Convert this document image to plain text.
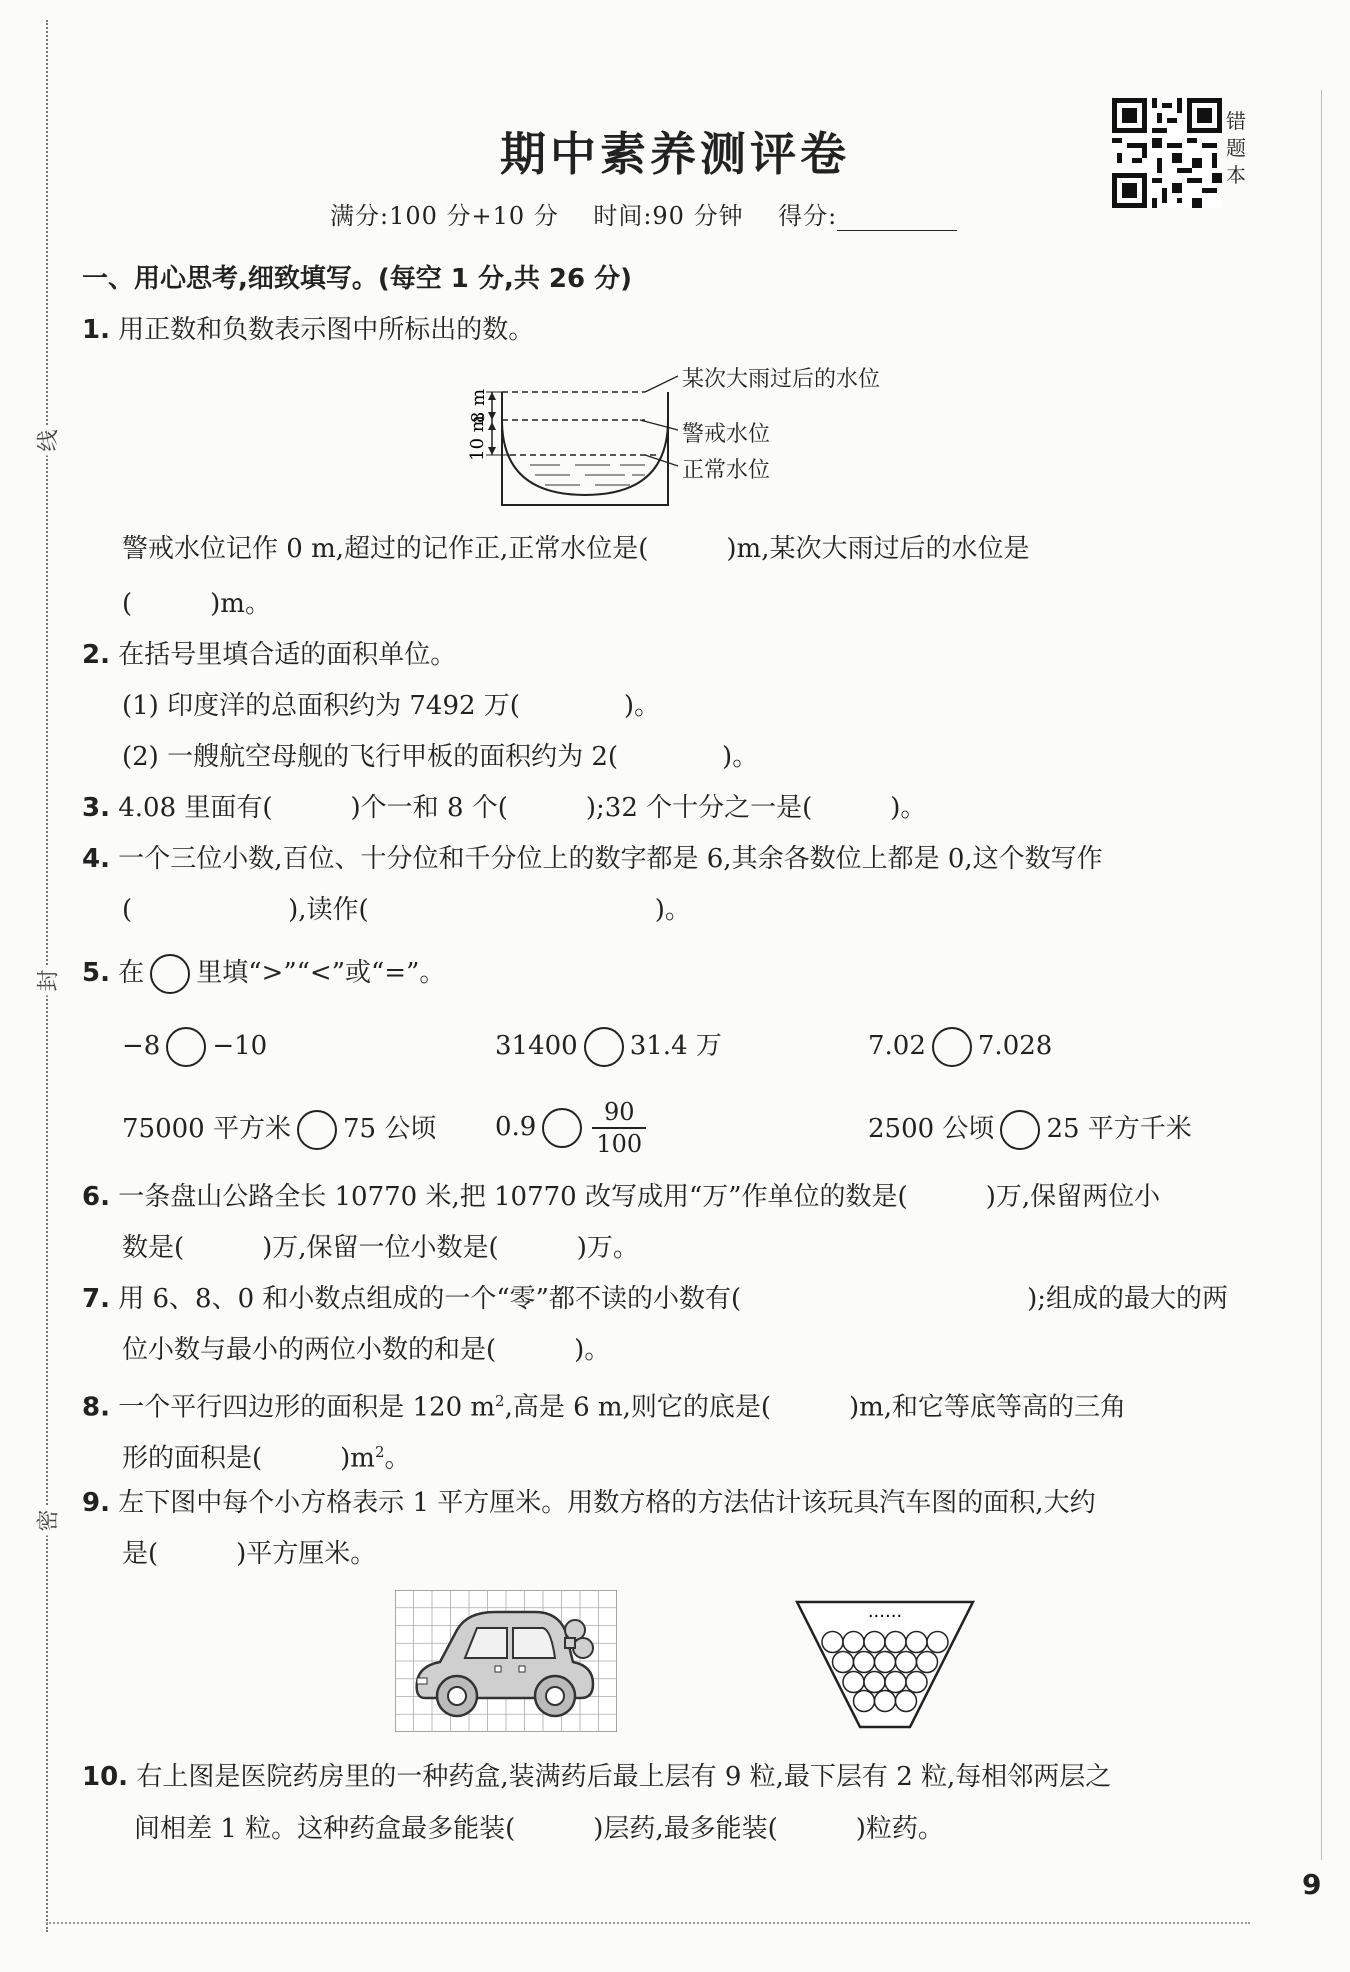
线
封
密
期中素养测评卷
满分:100 分+10 分 时间:90 分钟 得分:
错
题
本
一、用心思考,细致填写。(每空 1 分,共 26 分)
1. 用正数和负数表示图中所标出的数。
8 m
10 m
某次大雨过后的水位
警戒水位
正常水位
警戒水位记作 0 m,超过的记作正,正常水位是(　　　)m,某次大雨过后的水位是
(　　　)m。
2. 在括号里填合适的面积单位。
(1) 印度洋的总面积约为 7492 万(　　　　)。
(2) 一艘航空母舰的飞行甲板的面积约为 2(　　　　)。
3. 4.08 里面有(　　　)个一和 8 个(　　　);32 个十分之一是(　　　)。
4. 一个三位小数,百位、十分位和千分位上的数字都是 6,其余各数位上都是 0,这个数写作
(　　　　　　),读作(　　　　　　　　　　　)。
5. 在 里填“>”“<”或“=”。
−8 −10	31400 31.4 万	7.02 7.028
75000 平方米 75 公顷 $0.9 \frac{90}{100}$	2500 公顷 25 平方千米
6. 一条盘山公路全长 10770 米,把 10770 改写成用“万”作单位的数是(　　　)万,保留两位小
数是(　　　)万,保留一位小数是(　　　)万。
7. 用 6、8、0 和小数点组成的一个“零”都不读的小数有(　　　　　　　　　　　);组成的最大的两
位小数与最小的两位小数的和是(　　　)。
8. 一个平行四边形的面积是 120 $m^2$,高是 6 m,则它的底是(　　　)m,和它等底等高的三角
形的面积是(　　　)$m^2$。
9. 左下图中每个小方格表示 1 平方厘米。用数方格的方法估计该玩具汽车图的面积,大约
是(　　　)平方厘米。
······
10. 右上图是医院药房里的一种药盒,装满药后最上层有 9 粒,最下层有 2 粒,每相邻两层之
间相差 1 粒。这种药盒最多能装(　　　)层药,最多能装(　　　)粒药。
9
